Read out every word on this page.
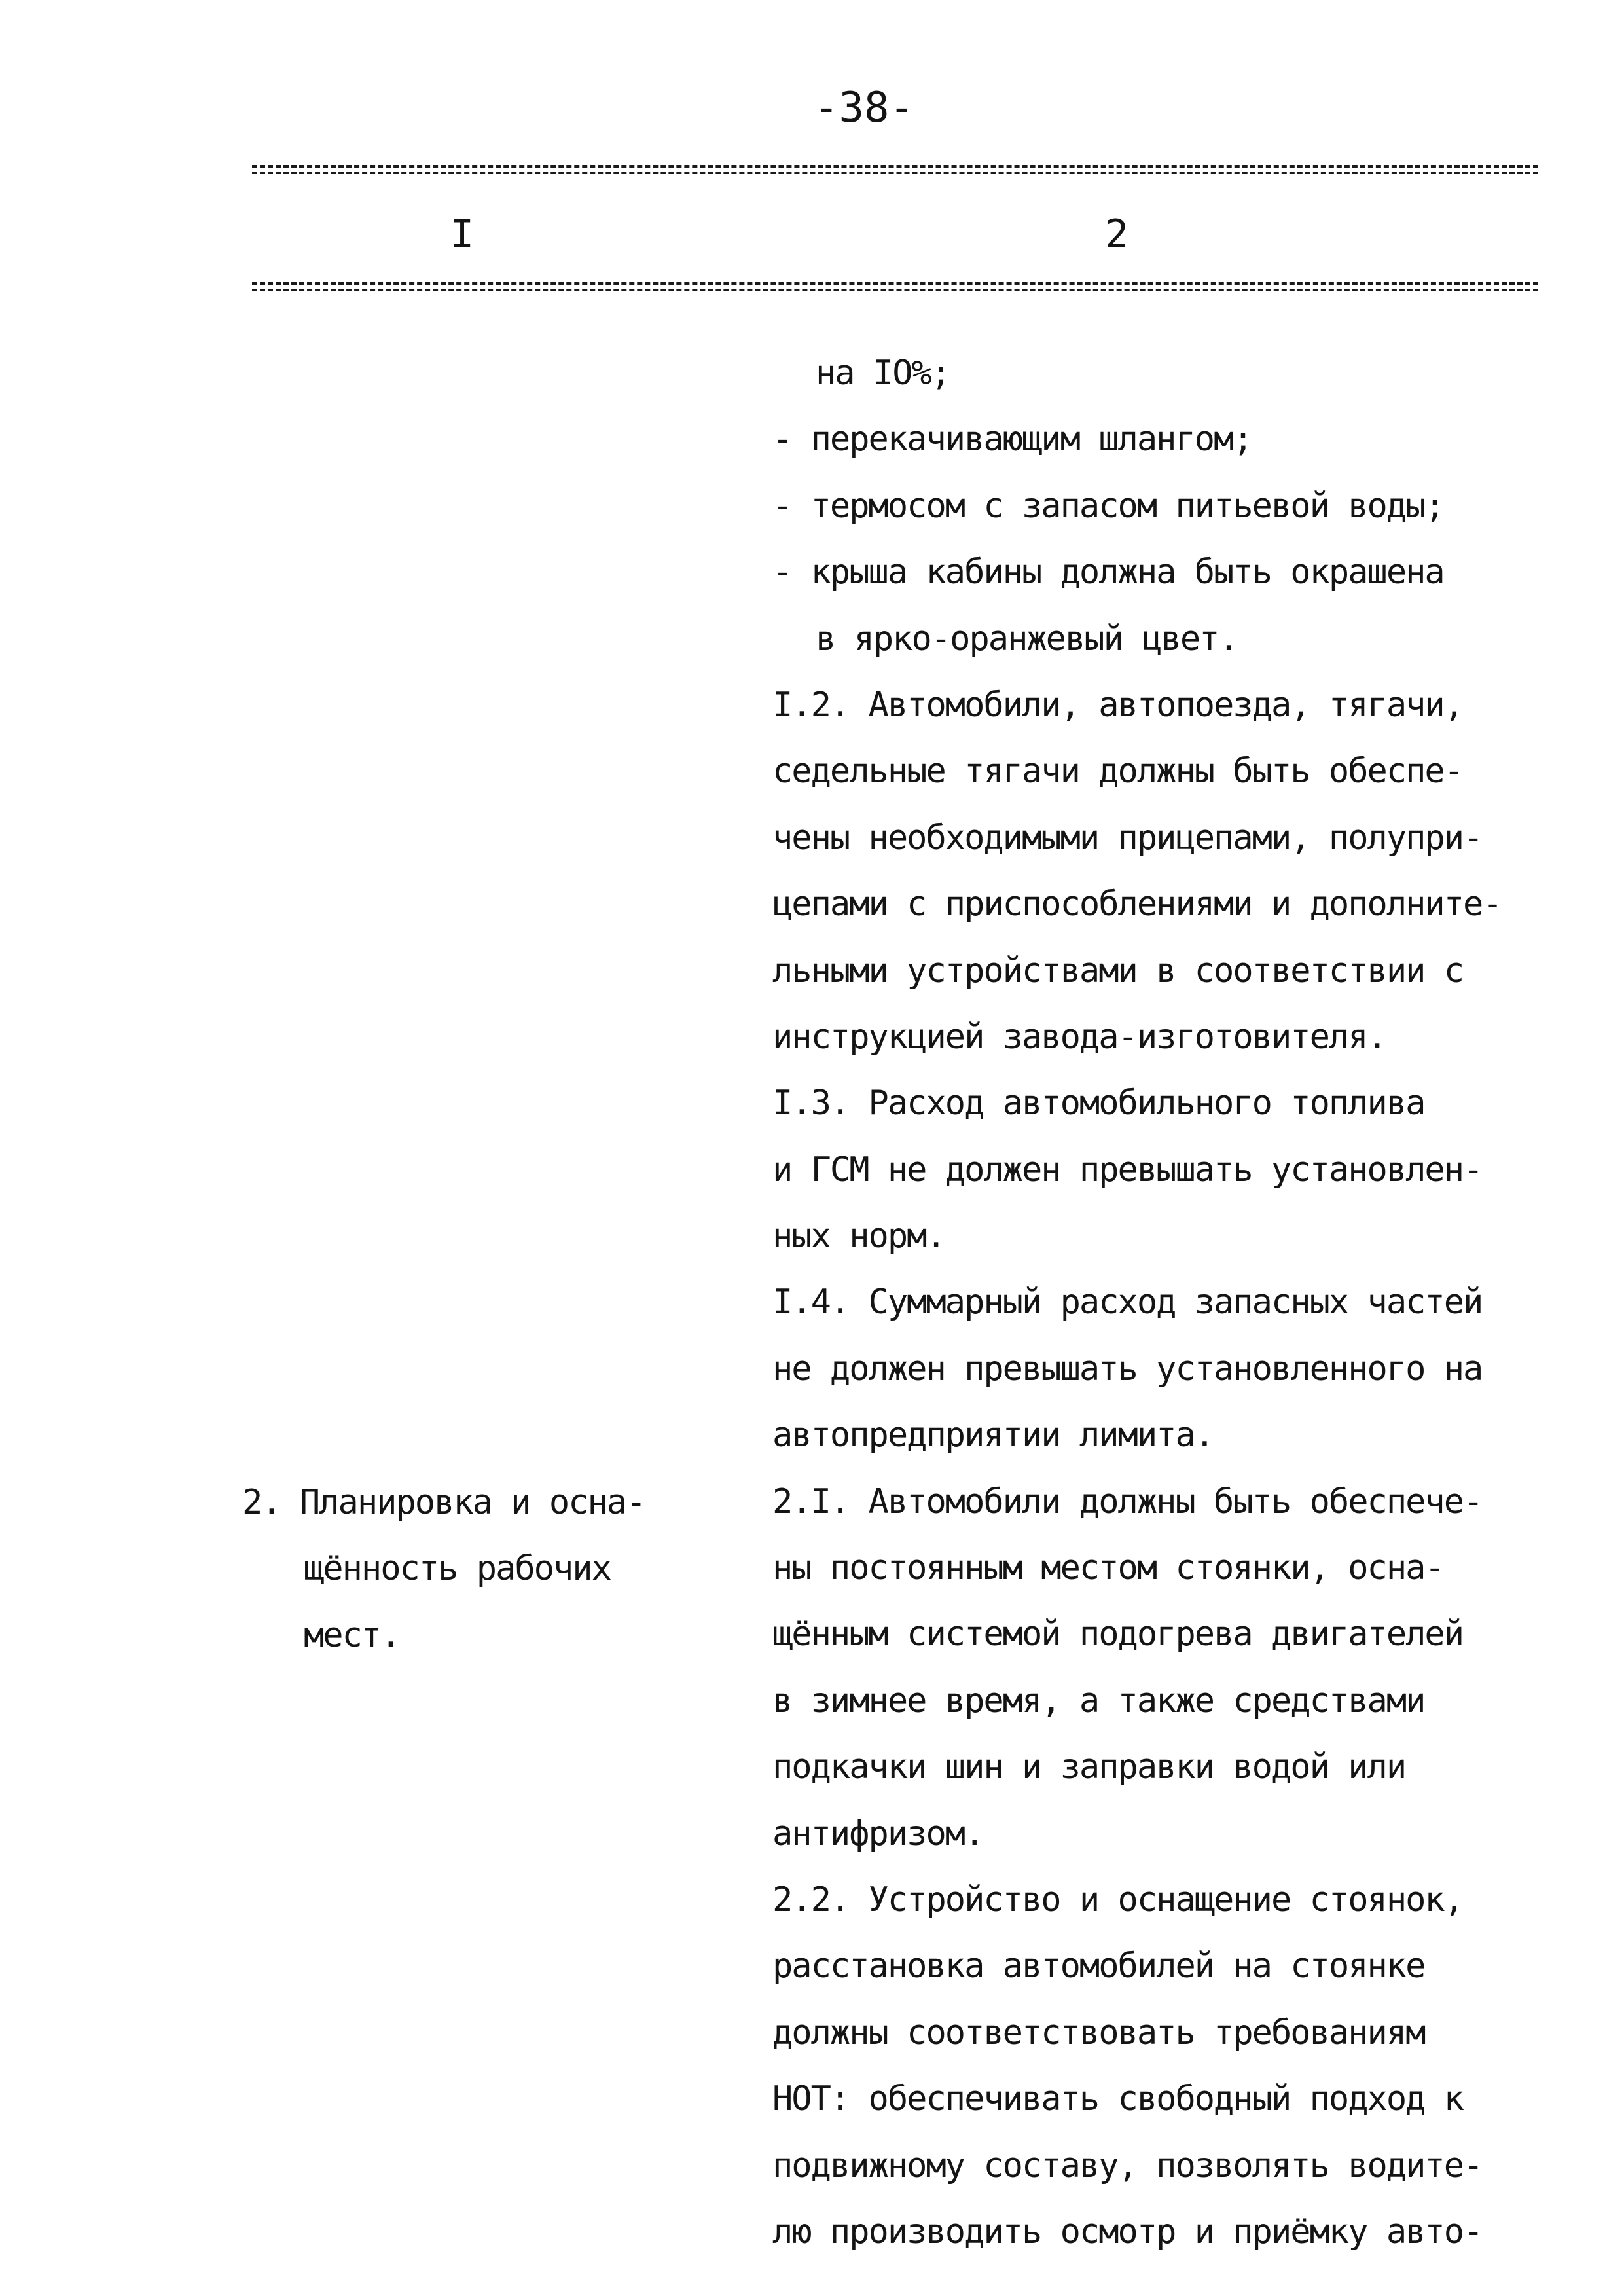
-38-
I	2
2. Планировка и осна-
щённость рабочих
мест.
на IO%;
- перекачивающим шлангом;
- термосом с запасом питьевой воды;
- крыша кабины должна быть окрашена
в ярко-оранжевый цвет.
I.2. Автомобили, автопоезда, тягачи,
седельные тягачи должны быть обеспе-
чены необходимыми прицепами, полупри-
цепами с приспособлениями и дополните-
льными устройствами в соответствии с
инструкцией завода-изготовителя.
I.3. Расход автомобильного топлива
и ГСМ не должен превышать установлен-
ных норм.
I.4. Суммарный расход запасных частей
не должен превышать установленного на
автопредприятии лимита.
2.I. Автомобили должны быть обеспече-
ны постоянным местом стоянки, осна-
щённым системой подогрева двигателей
в зимнее время, а также средствами
подкачки шин и заправки водой или
антифризом.
2.2. Устройство и оснащение стоянок,
расстановка автомобилей на стоянке
должны соответствовать требованиям
НОТ: обеспечивать свободный подход к
подвижному составу, позволять водите-
лю производить осмотр и приёмку авто-
